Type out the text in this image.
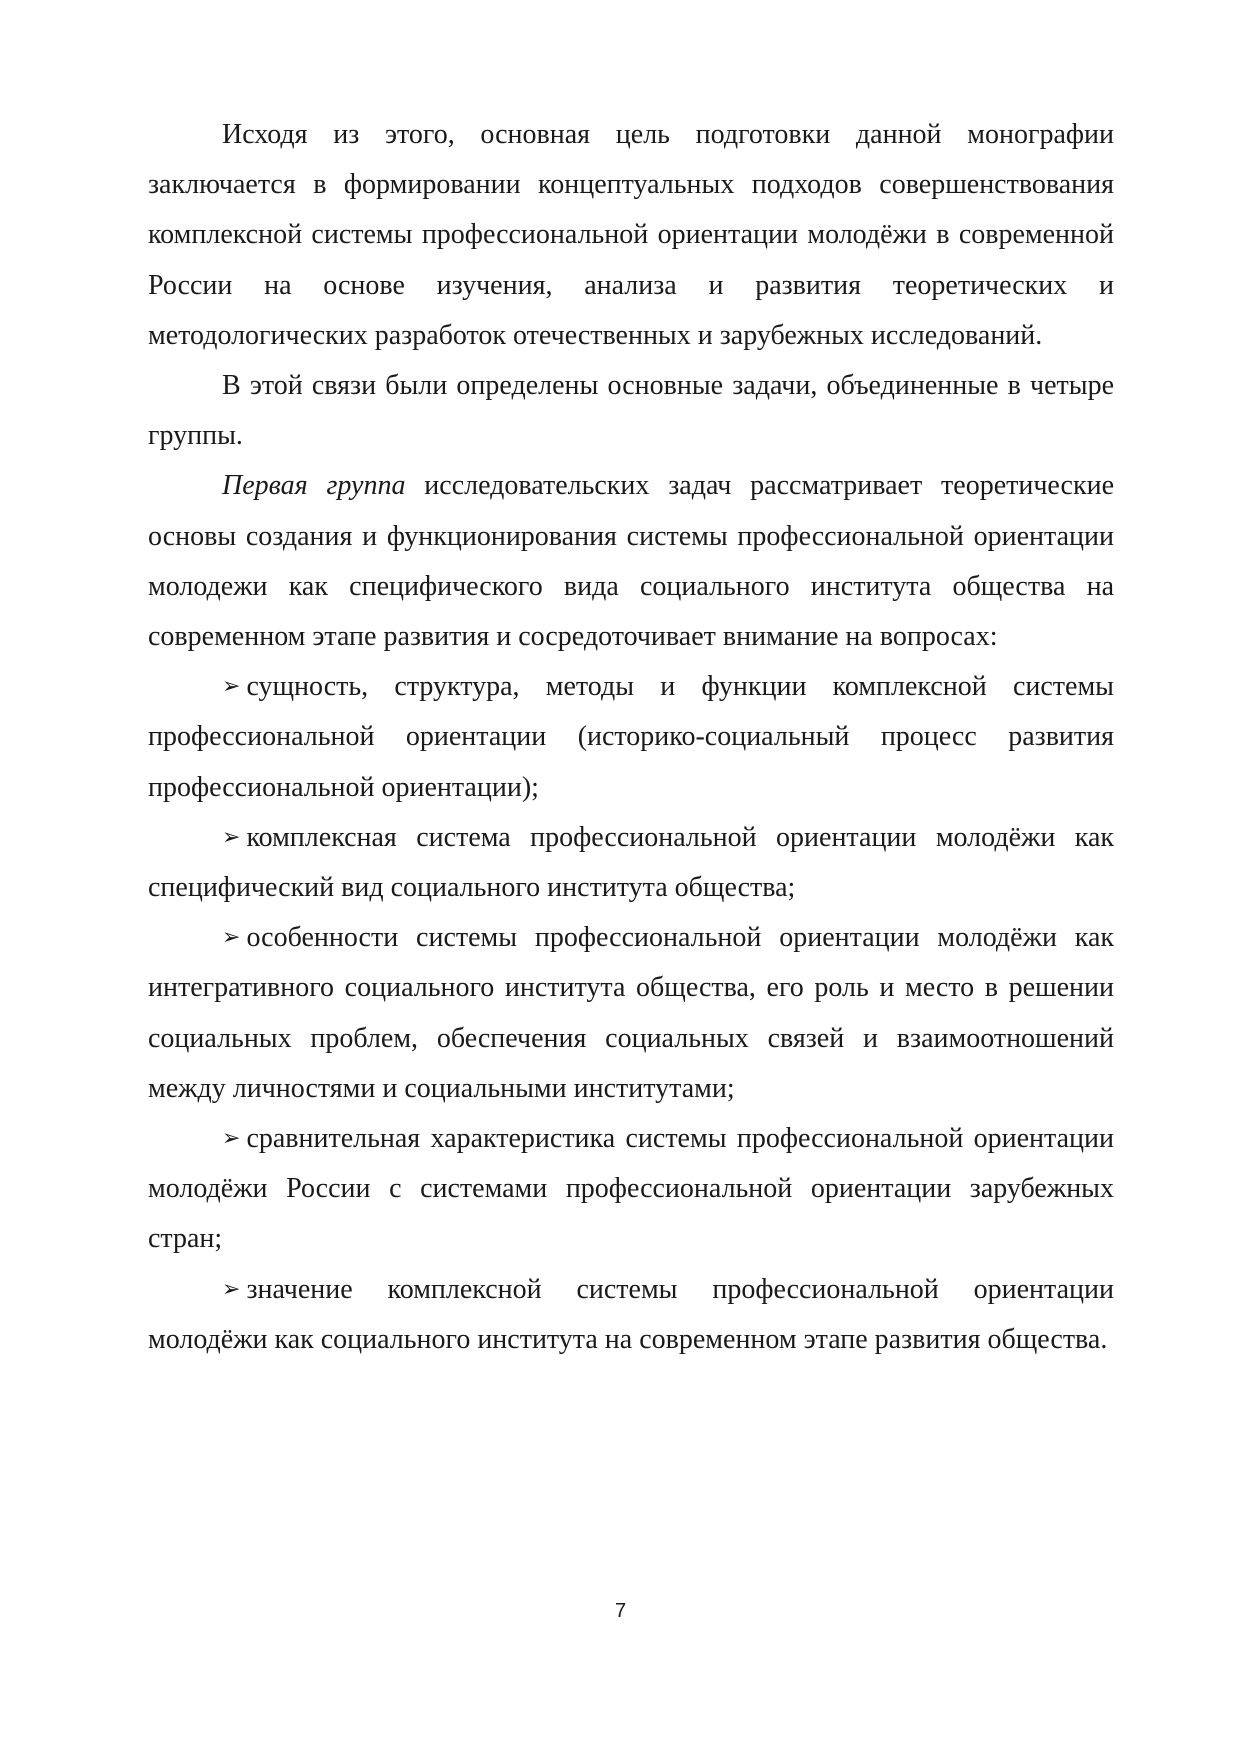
Исходя из этого, основная цель подготовки данной монографии заключается в формировании концептуальных подходов совершенствования комплексной системы профессиональной ориентации молодёжи в современной России на основе изучения, анализа и развития теоретических и методологических разработок отечественных и зарубежных исследований.

В этой связи были определены основные задачи, объединенные в четыре группы.

Первая группа исследовательских задач рассматривает теоретические основы создания и функционирования системы профессиональной ориентации молодежи как специфического вида социального института общества на современном этапе развития и сосредоточивает внимание на вопросах:

➢ сущность, структура, методы и функции комплексной системы профессиональной ориентации (историко-социальный процесс развития профессиональной ориентации);
➢ комплексная система профессиональной ориентации молодёжи как специфический вид социального института общества;
➢ особенности системы профессиональной ориентации молодёжи как интегративного социального института общества, его роль и место в решении социальных проблем, обеспечения социальных связей и взаимоотношений между личностями и социальными институтами;
➢ сравнительная характеристика системы профессиональной ориентации молодёжи России с системами профессиональной ориентации зарубежных стран;
➢ значение комплексной системы профессиональной ориентации молодёжи как социального института на современном этапе развития общества.
7
